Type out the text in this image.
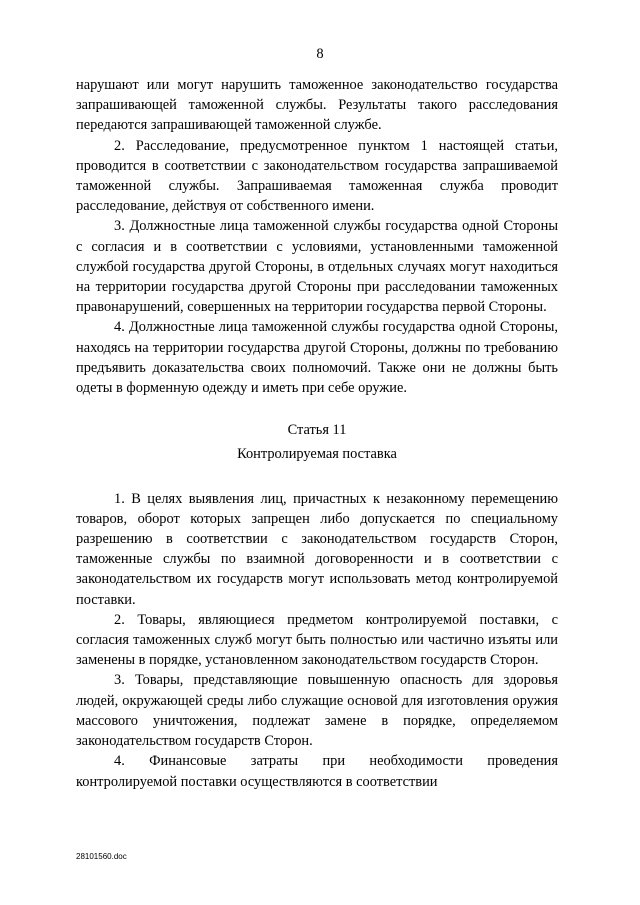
8

нарушают или могут нарушить таможенное законодательство государства запрашивающей таможенной службы. Результаты такого расследования передаются запрашивающей таможенной службе.

2. Расследование, предусмотренное пунктом 1 настоящей статьи, проводится в соответствии с законодательством государства запрашиваемой таможенной службы. Запрашиваемая таможенная служба проводит расследование, действуя от собственного имени.

3. Должностные лица таможенной службы государства одной Стороны с согласия и в соответствии с условиями, установленными таможенной службой государства другой Стороны, в отдельных случаях могут находиться на территории государства другой Стороны при расследовании таможенных правонарушений, совершенных на территории государства первой Стороны.

4. Должностные лица таможенной службы государства одной Стороны, находясь на территории государства другой Стороны, должны по требованию предъявить доказательства своих полномочий. Также они не должны быть одеты в форменную одежду и иметь при себе оружие.

Статья 11

Контролируемая поставка

1. В целях выявления лиц, причастных к незаконному перемещению товаров, оборот которых запрещен либо допускается по специальному разрешению в соответствии с законодательством государств Сторон, таможенные службы по взаимной договоренности и в соответствии с законодательством их государств могут использовать метод контролируемой поставки.

2. Товары, являющиеся предметом контролируемой поставки, с согласия таможенных служб могут быть полностью или частично изъяты или заменены в порядке, установленном законодательством государств Сторон.

3. Товары, представляющие повышенную опасность для здоровья людей, окружающей среды либо служащие основой для изготовления оружия массового уничтожения, подлежат замене в порядке, определяемом законодательством государств Сторон.

4. Финансовые затраты при необходимости проведения контролируемой поставки осуществляются в соответствии

28101560.doc
